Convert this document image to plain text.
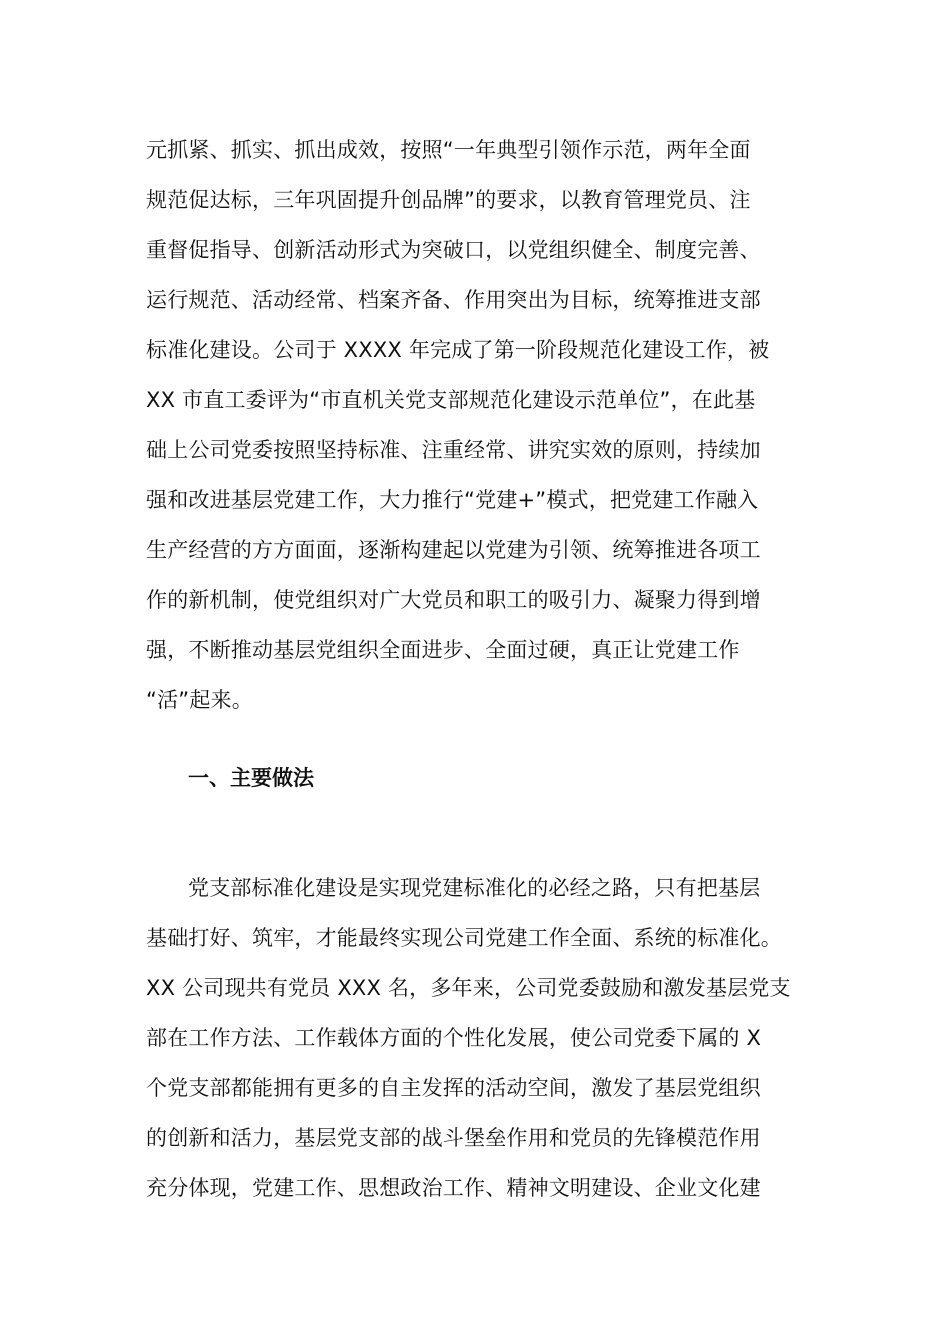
元抓紧、抓实、抓出成效，按照“一年典型引领作示范，两年全面
规范促达标，三年巩固提升创品牌”的要求，以教育管理党员、注
重督促指导、创新活动形式为突破口，以党组织健全、制度完善、
运行规范、活动经常、档案齐备、作用突出为目标，统筹推进支部
标准化建设。公司于 XXXX 年完成了第一阶段规范化建设工作，被
XX 市直工委评为“市直机关党支部规范化建设示范单位”，在此基
础上公司党委按照坚持标准、注重经常、讲究实效的原则，持续加
强和改进基层党建工作，大力推行“党建+”模式，把党建工作融入
生产经营的方方面面，逐渐构建起以党建为引领、统筹推进各项工
作的新机制，使党组织对广大党员和职工的吸引力、凝聚力得到增
强，不断推动基层党组织全面进步、全面过硬，真正让党建工作
“活”起来。
一、主要做法
党支部标准化建设是实现党建标准化的必经之路，只有把基层
基础打好、筑牢，才能最终实现公司党建工作全面、系统的标准化。
XX 公司现共有党员 XXX 名，多年来，公司党委鼓励和激发基层党支
部在工作方法、工作载体方面的个性化发展，使公司党委下属的 X
个党支部都能拥有更多的自主发挥的活动空间，激发了基层党组织
的创新和活力，基层党支部的战斗堡垒作用和党员的先锋模范作用
充分体现，党建工作、思想政治工作、精神文明建设、企业文化建
